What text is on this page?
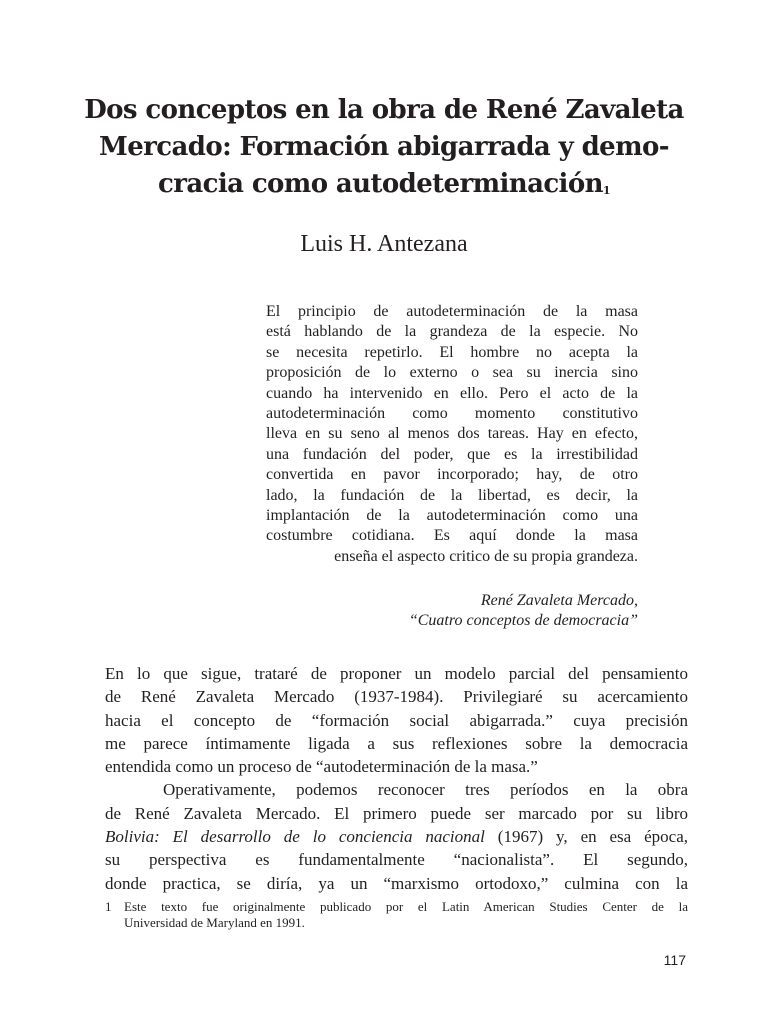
Dos conceptos en la obra de René Zavaleta
Mercado: Formación abigarrada y demo-
cracia como autodeterminación$^1$

Luis H. Antezana

El principio de autodeterminación de la masa
está hablando de la grandeza de la especie. No
se necesita repetirlo. El hombre no acepta la
proposición de lo externo o sea su inercia sino
cuando ha intervenido en ello. Pero el acto de la
autodeterminación como momento constitutivo
lleva en su seno al menos dos tareas. Hay en efecto,
una fundación del poder, que es la irrestibilidad
convertida en pavor incorporado; hay, de otro
lado, la fundación de la libertad, es decir, la
implantación de la autodeterminación como una
costumbre cotidiana. Es aquí donde la masa
enseña el aspecto critico de su propia grandeza.
René Zavaleta Mercado,
“Cuatro conceptos de democracia”
En lo que sigue, trataré de proponer un modelo parcial del pensamiento
de René Zavaleta Mercado (1937-1984). Privilegiaré su acercamiento
hacia el concepto de “formación social abigarrada.” cuya precisión
me parece íntimamente ligada a sus reflexiones sobre la democracia
entendida como un proceso de “autodeterminación de la masa.”
Operativamente, podemos reconocer tres períodos en la obra
de René Zavaleta Mercado. El primero puede ser marcado por su libro
Bolivia: El desarrollo de lo conciencia nacional (1967) y, en esa época,
su perspectiva es fundamentalmente “nacionalista”. El segundo,
donde practica, se diría, ya un “marxismo ortodoxo,” culmina con la
1 Este texto fue originalmente publicado por el Latin American Studies Center de la
Universidad de Maryland en 1991.

117
